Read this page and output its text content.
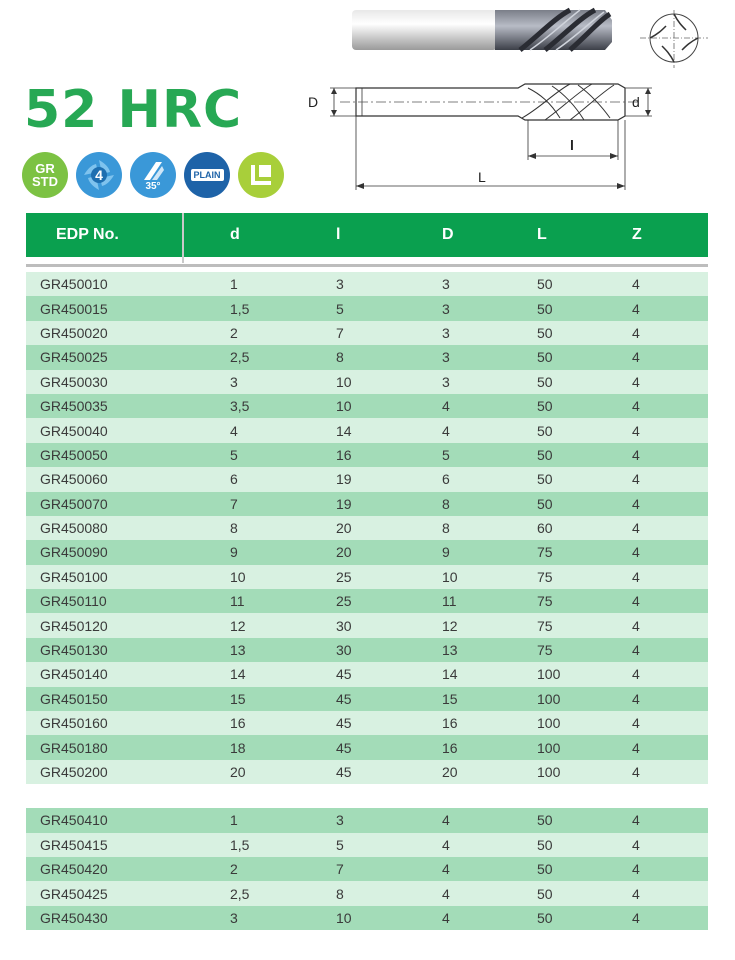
52 HRC
GR
STD	4
35°
PLAIN
D	d
l
L
EDP No.	d	l	D	L	Z
GR450010	1	3	3	50	4
GR450015	1,5	5	3	50	4
GR450020	2	7	3	50	4
GR450025	2,5	8	3	50	4
GR450030	3	10	3	50	4
GR450035	3,5	10	4	50	4
GR450040	4	14	4	50	4
GR450050	5	16	5	50	4
GR450060	6	19	6	50	4
GR450070	7	19	8	50	4
GR450080	8	20	8	60	4
GR450090	9	20	9	75	4
GR450100	10	25	10	75	4
GR450110	11	25	11	75	4
GR450120	12	30	12	75	4
GR450130	13	30	13	75	4
GR450140	14	45	14	100	4
GR450150	15	45	15	100	4
GR450160	16	45	16	100	4
GR450180	18	45	16	100	4
GR450200	20	45	20	100	4
GR450410	1	3	4	50	4
GR450415	1,5	5	4	50	4
GR450420	2	7	4	50	4
GR450425	2,5	8	4	50	4
GR450430	3	10	4	50	4
